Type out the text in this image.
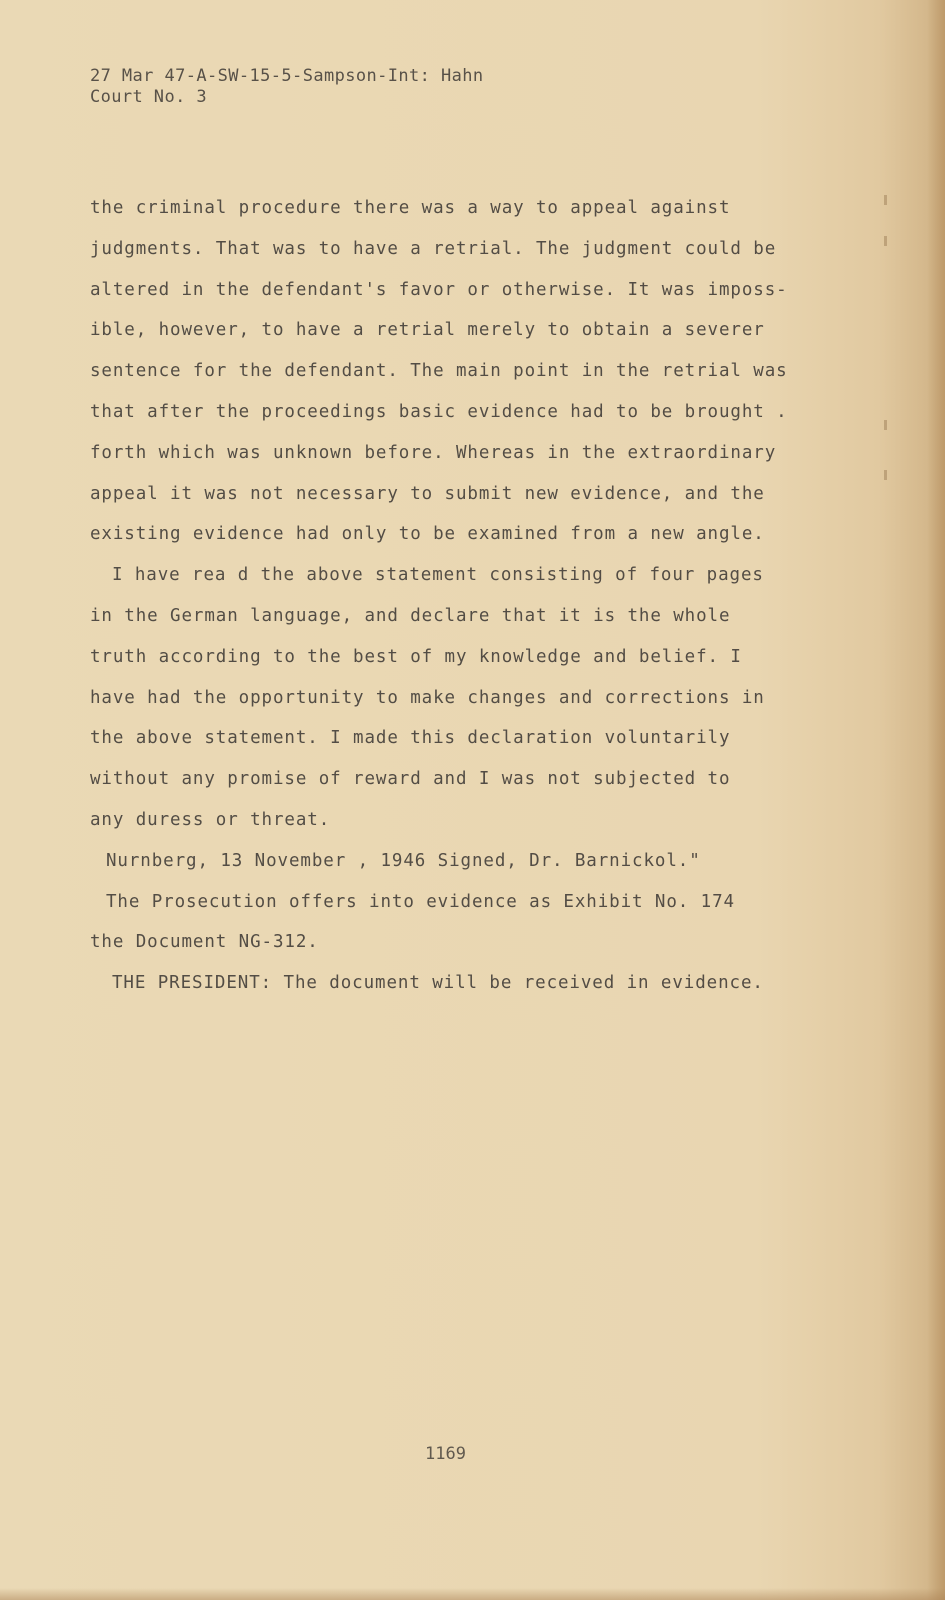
27 Mar 47-A-SW-15-5-Sampson-Int: Hahn
Court No. 3
the criminal procedure there was a way to appeal against
judgments. That was to have a retrial. The judgment could be
altered in the defendant's favor or otherwise. It was imposs-
ible, however, to have a retrial merely to obtain a severer
sentence for the defendant. The main point in the retrial was
that after the proceedings basic evidence had to be brought .
forth which was unknown before. Whereas in the extraordinary
appeal it was not necessary to submit new evidence, and the
existing evidence had only to be examined from a new angle.
I have rea d the above statement consisting of four pages
in the German language, and declare that it is the whole
truth according to the best of my knowledge and belief. I
have had the opportunity to make changes and corrections in
the above statement. I made this declaration voluntarily
without any promise of reward and I was not subjected to
any duress or threat.
Nurnberg, 13 November , 1946 Signed, Dr. Barnickol."
The Prosecution offers into evidence as Exhibit No. 174
the Document NG-312.
THE PRESIDENT: The document will be received in evidence.
1169
